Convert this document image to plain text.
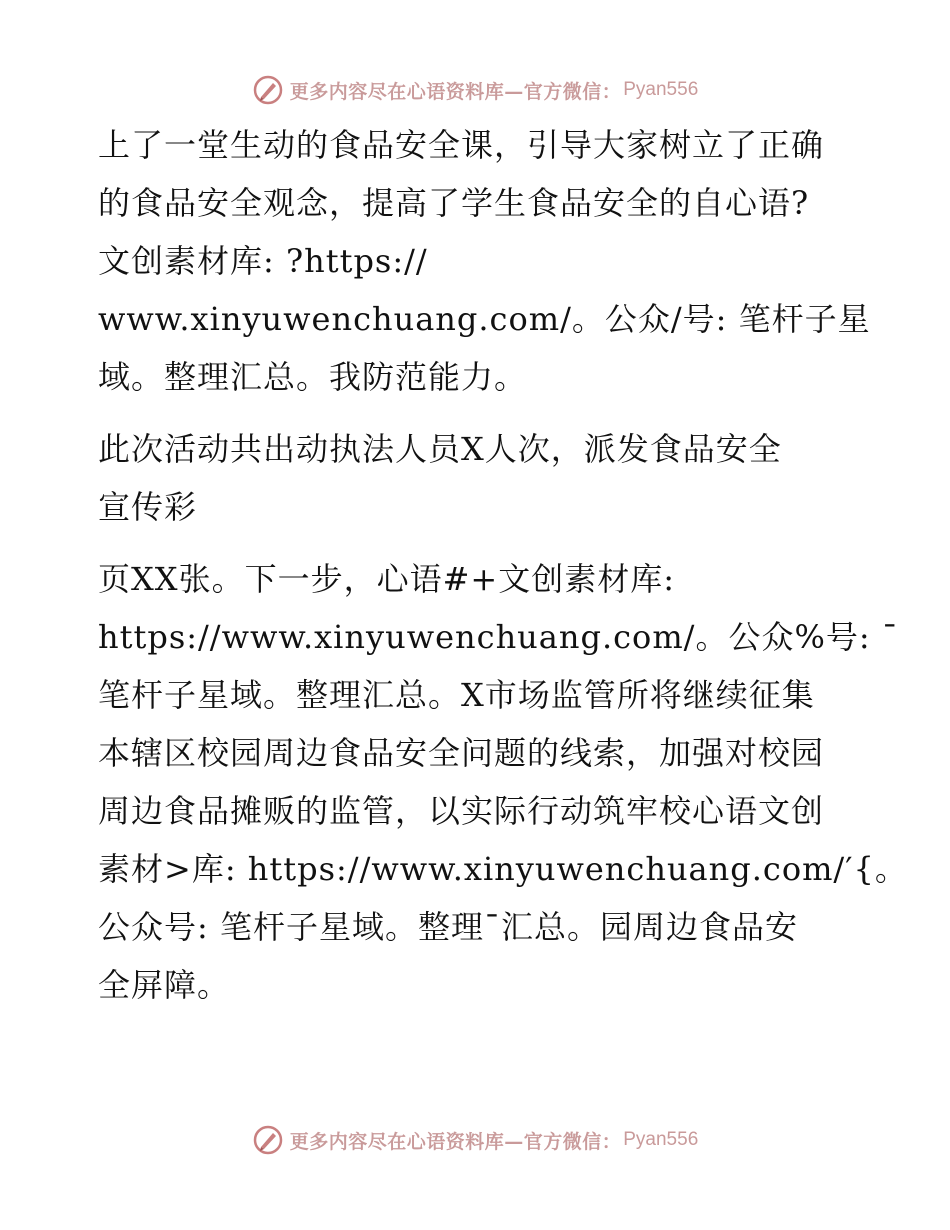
更多内容尽在心语资料库—官方微信： Pyan556
上了一堂生动的食品安全课，引导大家树立了正确
的食品安全观念，提高了学生食品安全的自心语?
文创素材库: ?https://
www.xinyuwenchuang.com/。公众/号: 笔杆子星
域。整理汇总。我防范能力。
此次活动共出动执法人员X人次，派发食品安全
宣传彩
页XX张。下一步，心语#+文创素材库:
https://www.xinyuwenchuang.com/。公众%号: ¯
笔杆子星域。整理汇总。X市场监管所将继续征集
本辖区校园周边食品安全问题的线索，加强对校园
周边食品摊贩的监管，以实际行动筑牢校心语文创
素材>库: https://www.xinyuwenchuang.com/′{。
公众号: 笔杆子星域。整理¯汇总。园周边食品安
全屏障。
更多内容尽在心语资料库—官方微信： Pyan556
